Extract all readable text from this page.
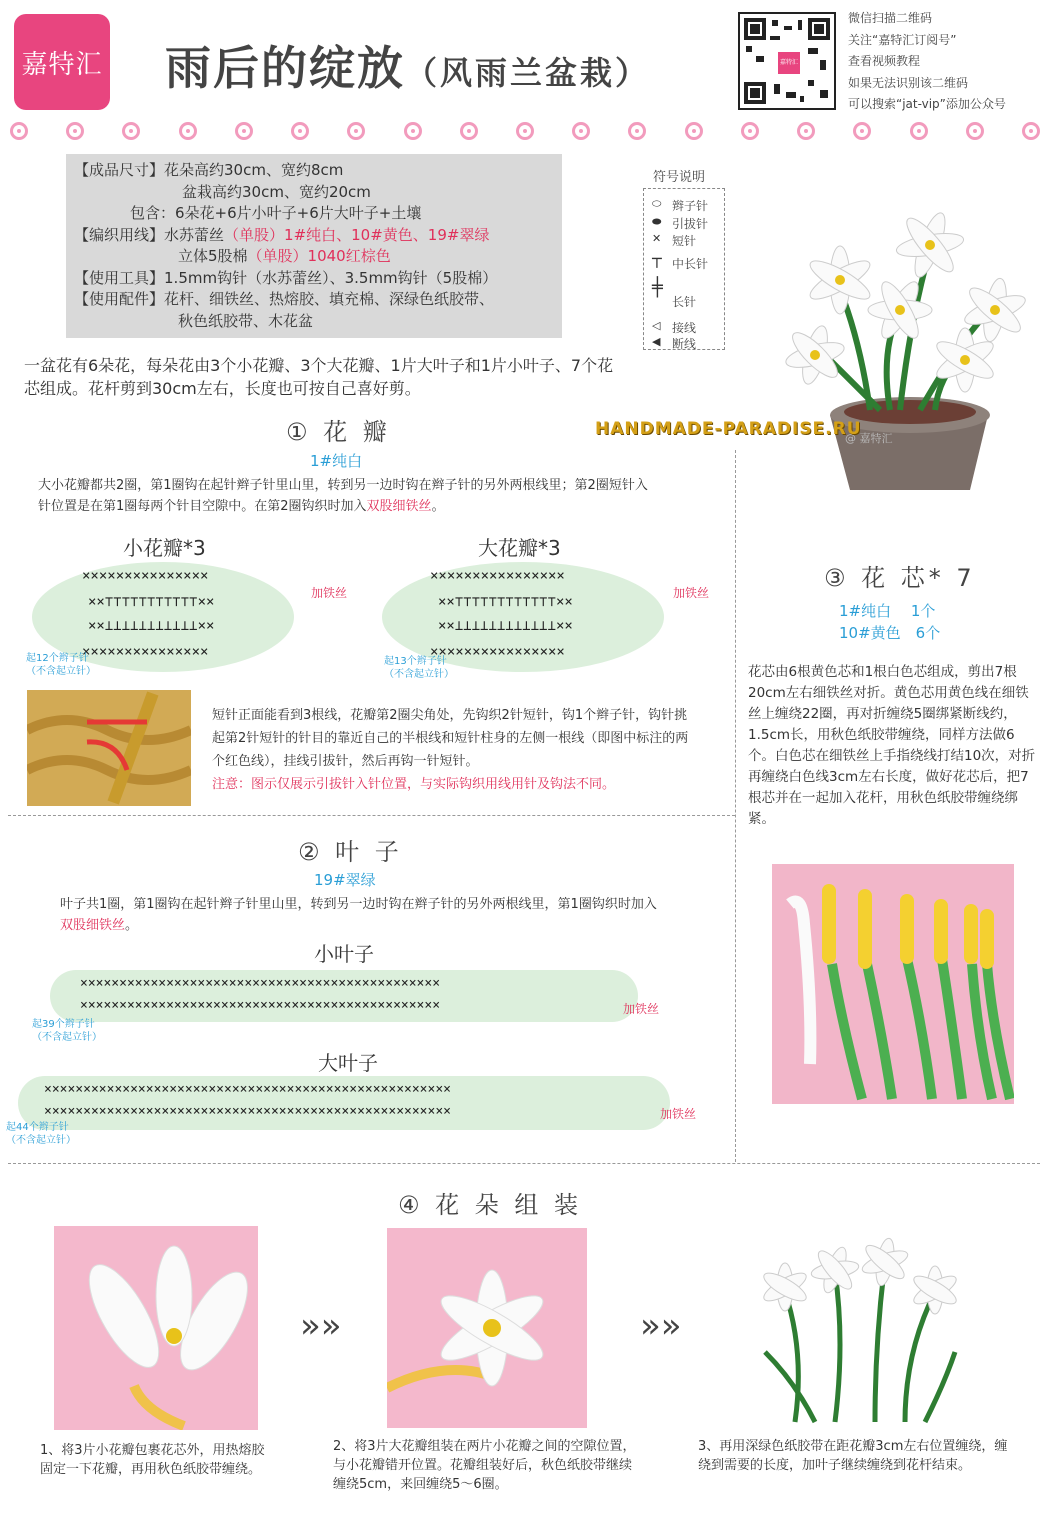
嘉特汇 雨后的绽放（风雨兰盆栽）	嘉特汇
微信扫描二维码
关注“嘉特汇订阅号”
查看视频教程
如果无法识别该二维码
可以搜索“jat-vip”添加公众号
【成品尺寸】花朵高约30cm、宽约8cm
盆栽高约30cm、宽约20cm
包含：6朵花+6片小叶子+6片大叶子+土壤
【编织用线】水苏蕾丝（单股）1#纯白、10#黄色、19#翠绿
立体5股棉（单股）1040红棕色
【使用工具】1.5mm钩针（水苏蕾丝）、3.5mm钩针（5股棉）
【使用配件】花杆、细铁丝、热熔胶、填充棉、深绿色纸胶带、
秋色纸胶带、木花盆
符号说明
⬭ 辫子针
⬬ 引拔针
✕ 短针
┬ 中长针
╪
长针
◁ 接线
◀ 断线
@ 嘉特汇
HANDMADE-PARADISE.RU
一盆花有6朵花，每朵花由3个小花瓣、3个大花瓣、1片大叶子和1片小叶子、7个花芯组成。花杆剪到30cm左右，长度也可按自己喜好剪。
① 花 瓣
1#纯白
大小花瓣都共2圈，第1圈钩在起针辫子针里山里，转到另一边时钩在辫子针的另外两根线里；第2圈短针入针位置是在第1圈每两个针目空隙中。在第2圈钩织时加入双股细铁丝。
小花瓣*3	大花瓣*3
×××××××××××××××
××⊤⊤⊤⊤⊤⊤⊤⊤⊤⊤⊤××
××⊥⊥⊥⊥⊥⊥⊥⊥⊥⊥⊥××
×××××××××××××××
加铁丝
起12个辫子针
（不含起立针）
××××××××××××××××
××⊤⊤⊤⊤⊤⊤⊤⊤⊤⊤⊤⊤××
××⊥⊥⊥⊥⊥⊥⊥⊥⊥⊥⊥⊥××
××××××××××××××××
加铁丝
起13个辫子针
（不含起立针）
短针正面能看到3根线，花瓣第2圈尖角处，先钩织2针短针，钩1个辫子针，钩针挑起第2针短针的针目的靠近自己的半根线和短针柱身的左侧一根线（即图中标注的两个红色线），挂线引拔针，然后再钩一针短针。
注意：图示仅展示引拔针入针位置，与实际钩织用线用针及钩法不同。
② 叶 子
19#翠绿
叶子共1圈，第1圈钩在起针辫子针里山里，转到另一边时钩在辫子针的另外两根线里，第1圈钩织时加入双股细铁丝。
小叶子
××××××××××××××××××××××××××××××××××××××××××××××
××××××××××××××××××××××××××××××××××××××××××××××	加铁丝
起39个辫子针
（不含起立针）
大叶子
××××××××××××××××××××××××××××××××××××××××××××××××××××
××××××××××××××××××××××××××××××××××××××××××××××××××××	加铁丝
起44个辫子针
（不含起立针）
③ 花 芯* 7
1#纯白　 1个
10#黄色　6个
花芯由6根黄色芯和1根白色芯组成，剪出7根20cm左右细铁丝对折。黄色芯用黄色线在细铁丝上缠绕22圈，再对折缠绕5圈绑紧断线约，1.5cm长，用秋色纸胶带缠绕，同样方法做6个。白色芯在细铁丝上手指绕线打结10次，对折再缠绕白色线3cm左右长度，做好花芯后，把7根芯并在一起加入花杆，用秋色纸胶带缠绕绑紧。
④ 花 朵 组 装
»»	»»
1、将3片小花瓣包裹花芯外，用热熔胶固定一下花瓣，再用秋色纸胶带缠绕。
2、将3片大花瓣组装在两片小花瓣之间的空隙位置，与小花瓣错开位置。花瓣组装好后，秋色纸胶带继续缠绕5cm，来回缠绕5～6圈。
3、再用深绿色纸胶带在距花瓣3cm左右位置缠绕，缠绕到需要的长度，加叶子继续缠绕到花杆结束。
